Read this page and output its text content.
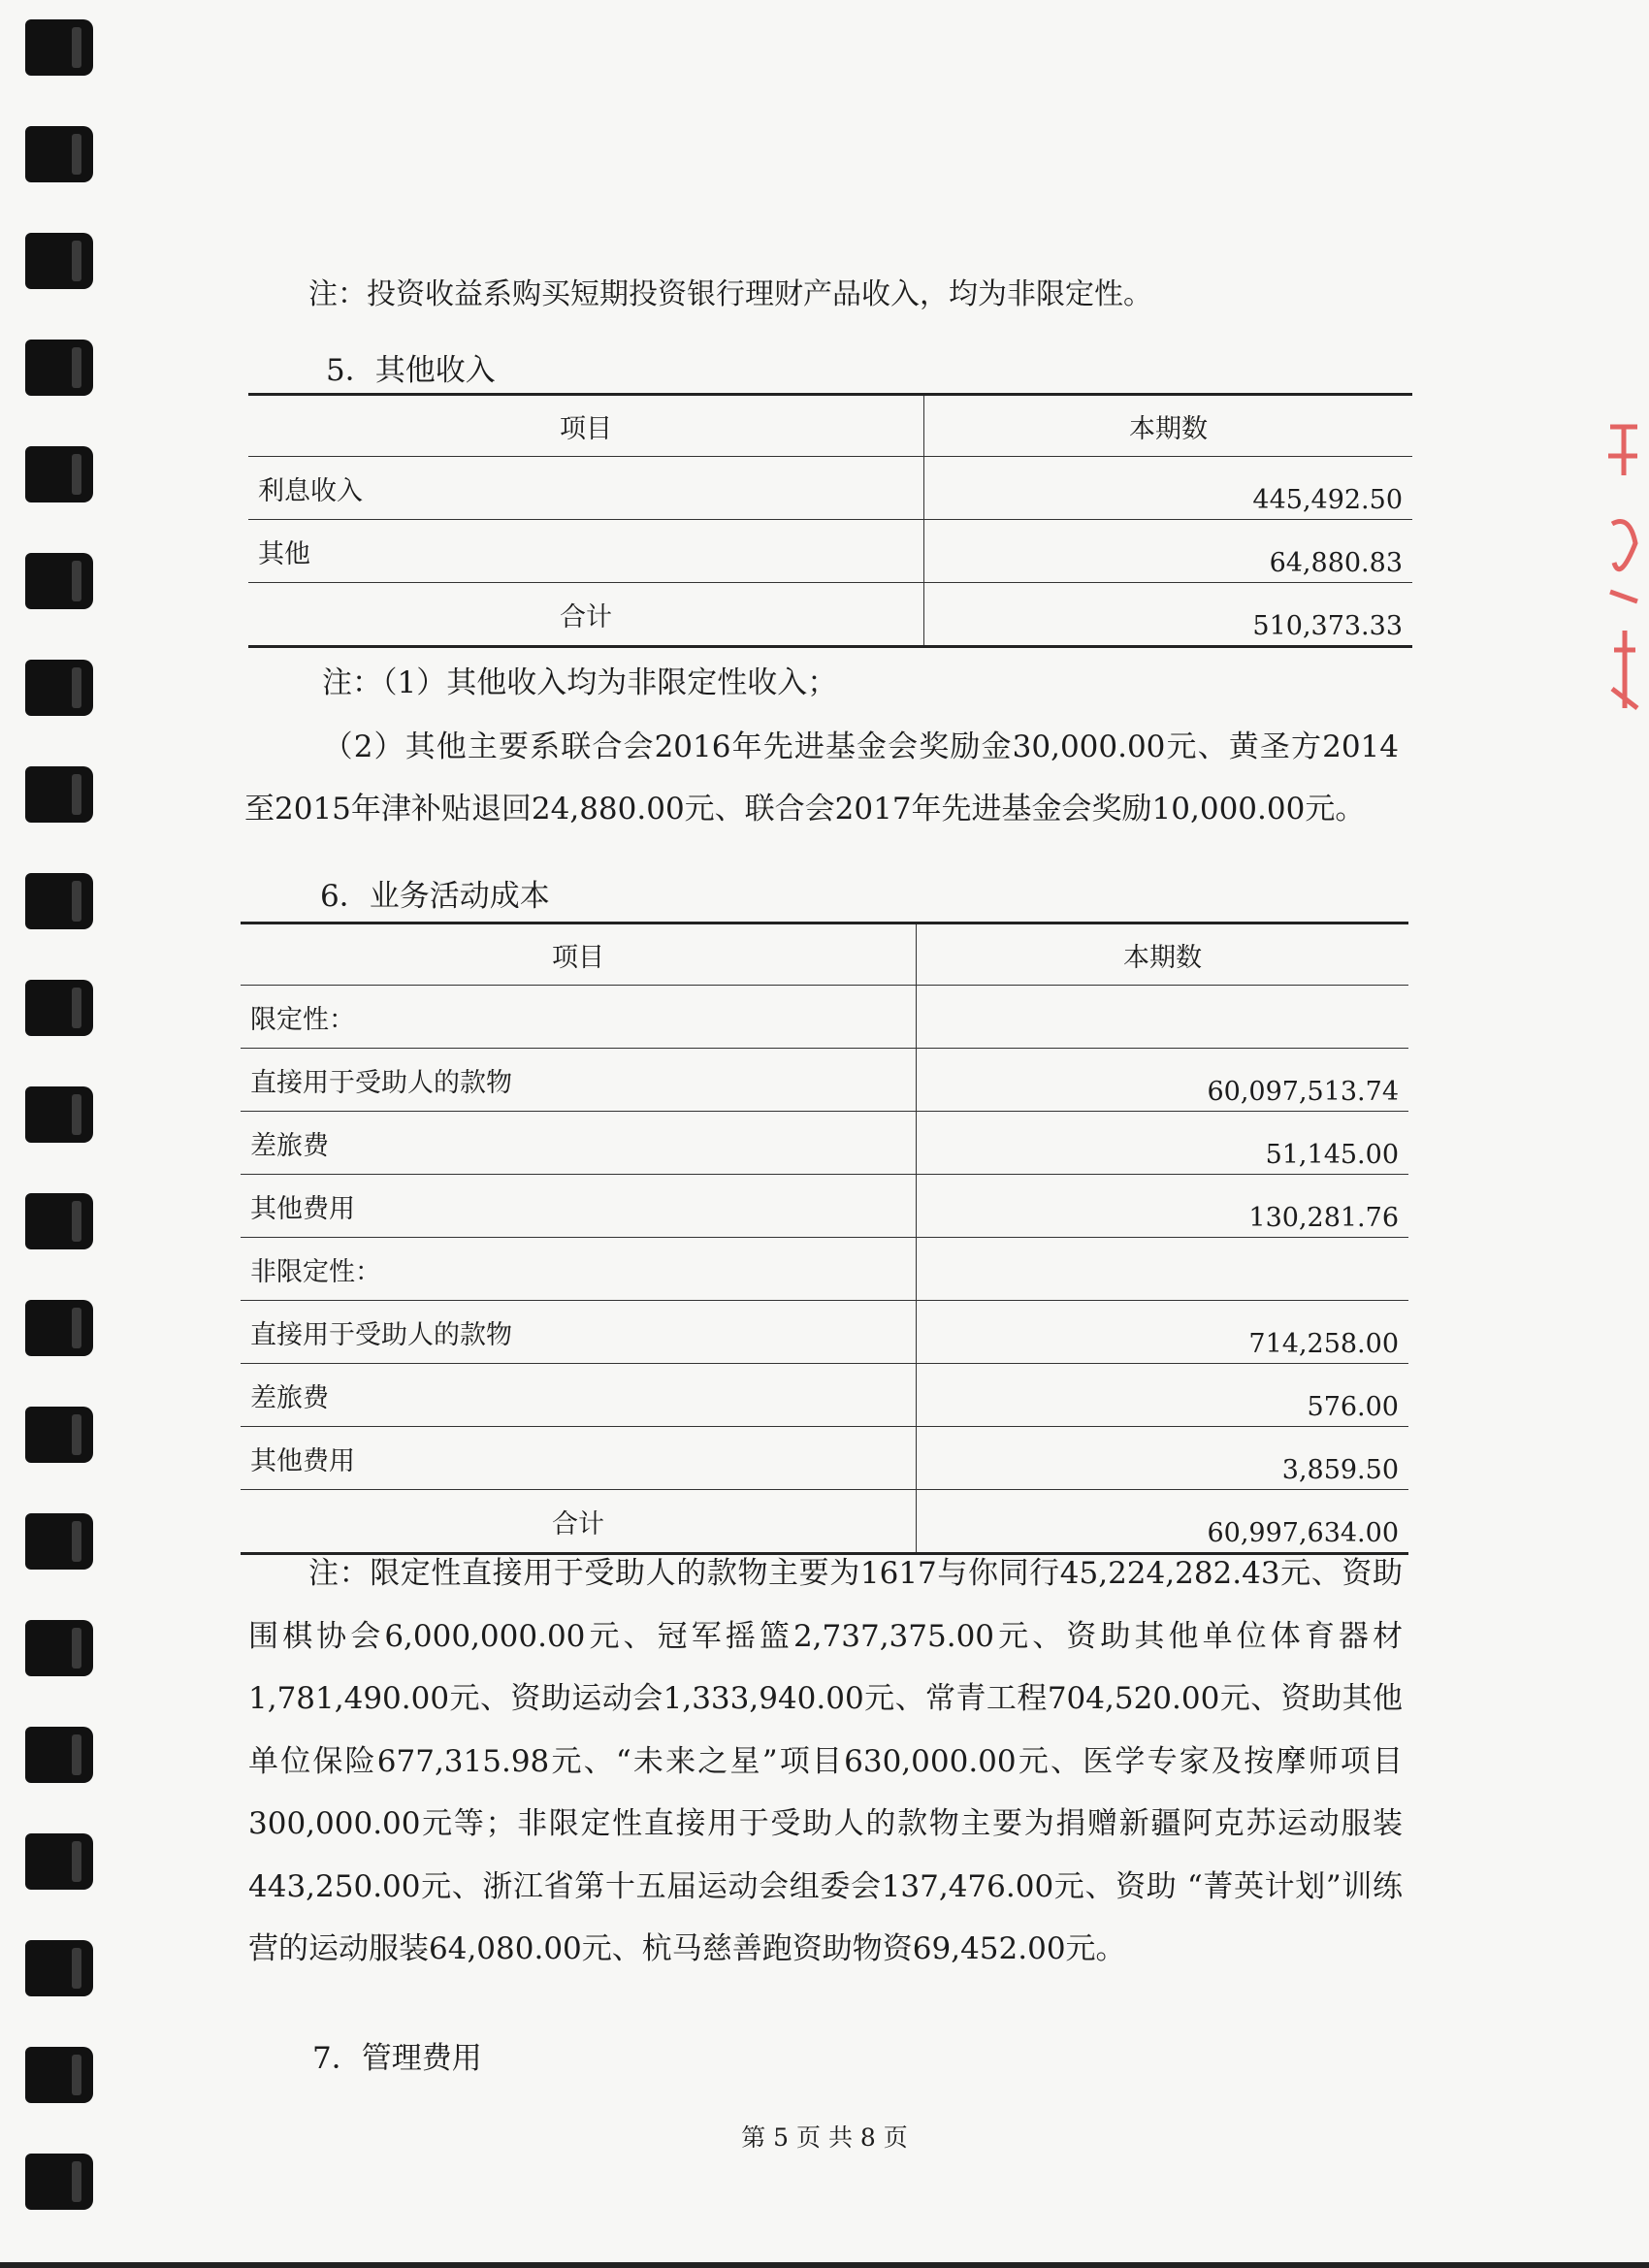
注：投资收益系购买短期投资银行理财产品收入，均为非限定性。
5．其他收入
项目	本期数
利息收入	445,492.50
其他	64,880.83
合计	510,373.33
注：（1）其他收入均为非限定性收入；
（2）其他主要系联合会2016年先进基金会奖励金30,000.00元、黄圣方2014至2015年津补贴退回24,880.00元、联合会2017年先进基金会奖励10,000.00元。
6．业务活动成本
项目	本期数
限定性：	
直接用于受助人的款物	60,097,513.74
差旅费	51,145.00
其他费用	130,281.76
非限定性：	
直接用于受助人的款物	714,258.00
差旅费	576.00
其他费用	3,859.50
合计	60,997,634.00
注：限定性直接用于受助人的款物主要为1617与你同行45,224,282.43元、资助围棋协会6,000,000.00元、冠军摇篮2,737,375.00元、资助其他单位体育器材1,781,490.00元、资助运动会1,333,940.00元、常青工程704,520.00元、资助其他单位保险677,315.98元、“未来之星”项目630,000.00元、医学专家及按摩师项目300,000.00元等；非限定性直接用于受助人的款物主要为捐赠新疆阿克苏运动服装443,250.00元、浙江省第十五届运动会组委会137,476.00元、资助 “菁英计划”训练营的运动服装64,080.00元、杭马慈善跑资助物资69,452.00元。
7．管理费用
第 5 页 共 8 页
